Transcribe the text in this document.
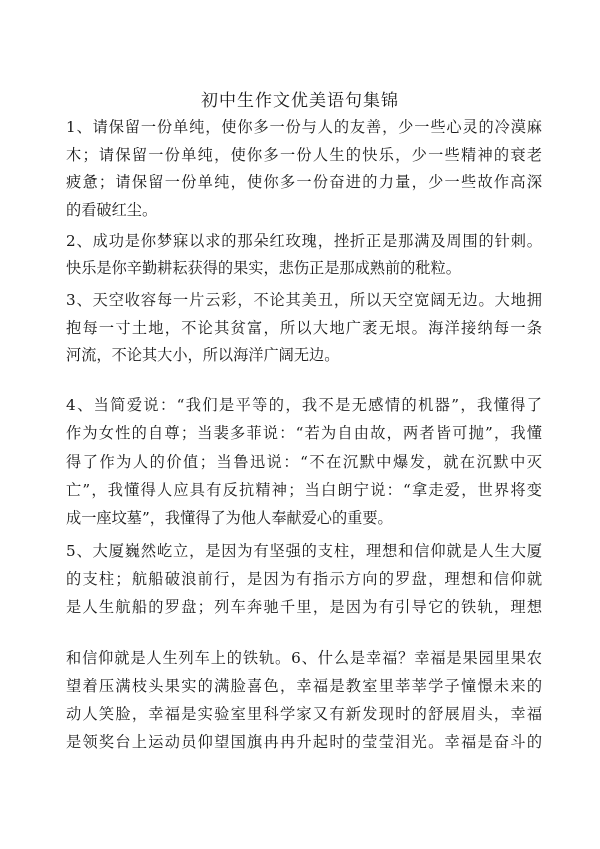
初中生作文优美语句集锦
1、请保留一份单纯，使你多一份与人的友善，少一些心灵的冷漠麻
木；请保留一份单纯，使你多一份人生的快乐，少一些精神的衰老
疲惫；请保留一份单纯，使你多一份奋进的力量，少一些故作高深
的看破红尘。
2、成功是你梦寐以求的那朵红玫瑰，挫折正是那满及周围的针刺。
快乐是你辛勤耕耘获得的果实，悲伤正是那成熟前的秕粒。
3、天空收容每一片云彩，不论其美丑，所以天空宽阔无边。大地拥
抱每一寸土地，不论其贫富，所以大地广袤无垠。海洋接纳每一条
河流，不论其大小，所以海洋广阔无边。
4、当简爱说：“我们是平等的，我不是无感情的机器”，我懂得了
作为女性的自尊；当裴多菲说：“若为自由故，两者皆可抛”，我懂
得了作为人的价值；当鲁迅说：“不在沉默中爆发，就在沉默中灭
亡”，我懂得人应具有反抗精神；当白朗宁说：“拿走爱，世界将变
成一座坟墓”，我懂得了为他人奉献爱心的重要。
5、大厦巍然屹立，是因为有坚强的支柱，理想和信仰就是人生大厦
的支柱；航船破浪前行，是因为有指示方向的罗盘，理想和信仰就
是人生航船的罗盘；列车奔驰千里，是因为有引导它的铁轨，理想
和信仰就是人生列车上的铁轨。6、什么是幸福？幸福是果园里果农
望着压满枝头果实的满脸喜色，幸福是教室里莘莘学子憧憬未来的
动人笑脸，幸福是实验室里科学家又有新发现时的舒展眉头，幸福
是领奖台上运动员仰望国旗冉冉升起时的莹莹泪光。幸福是奋斗的
